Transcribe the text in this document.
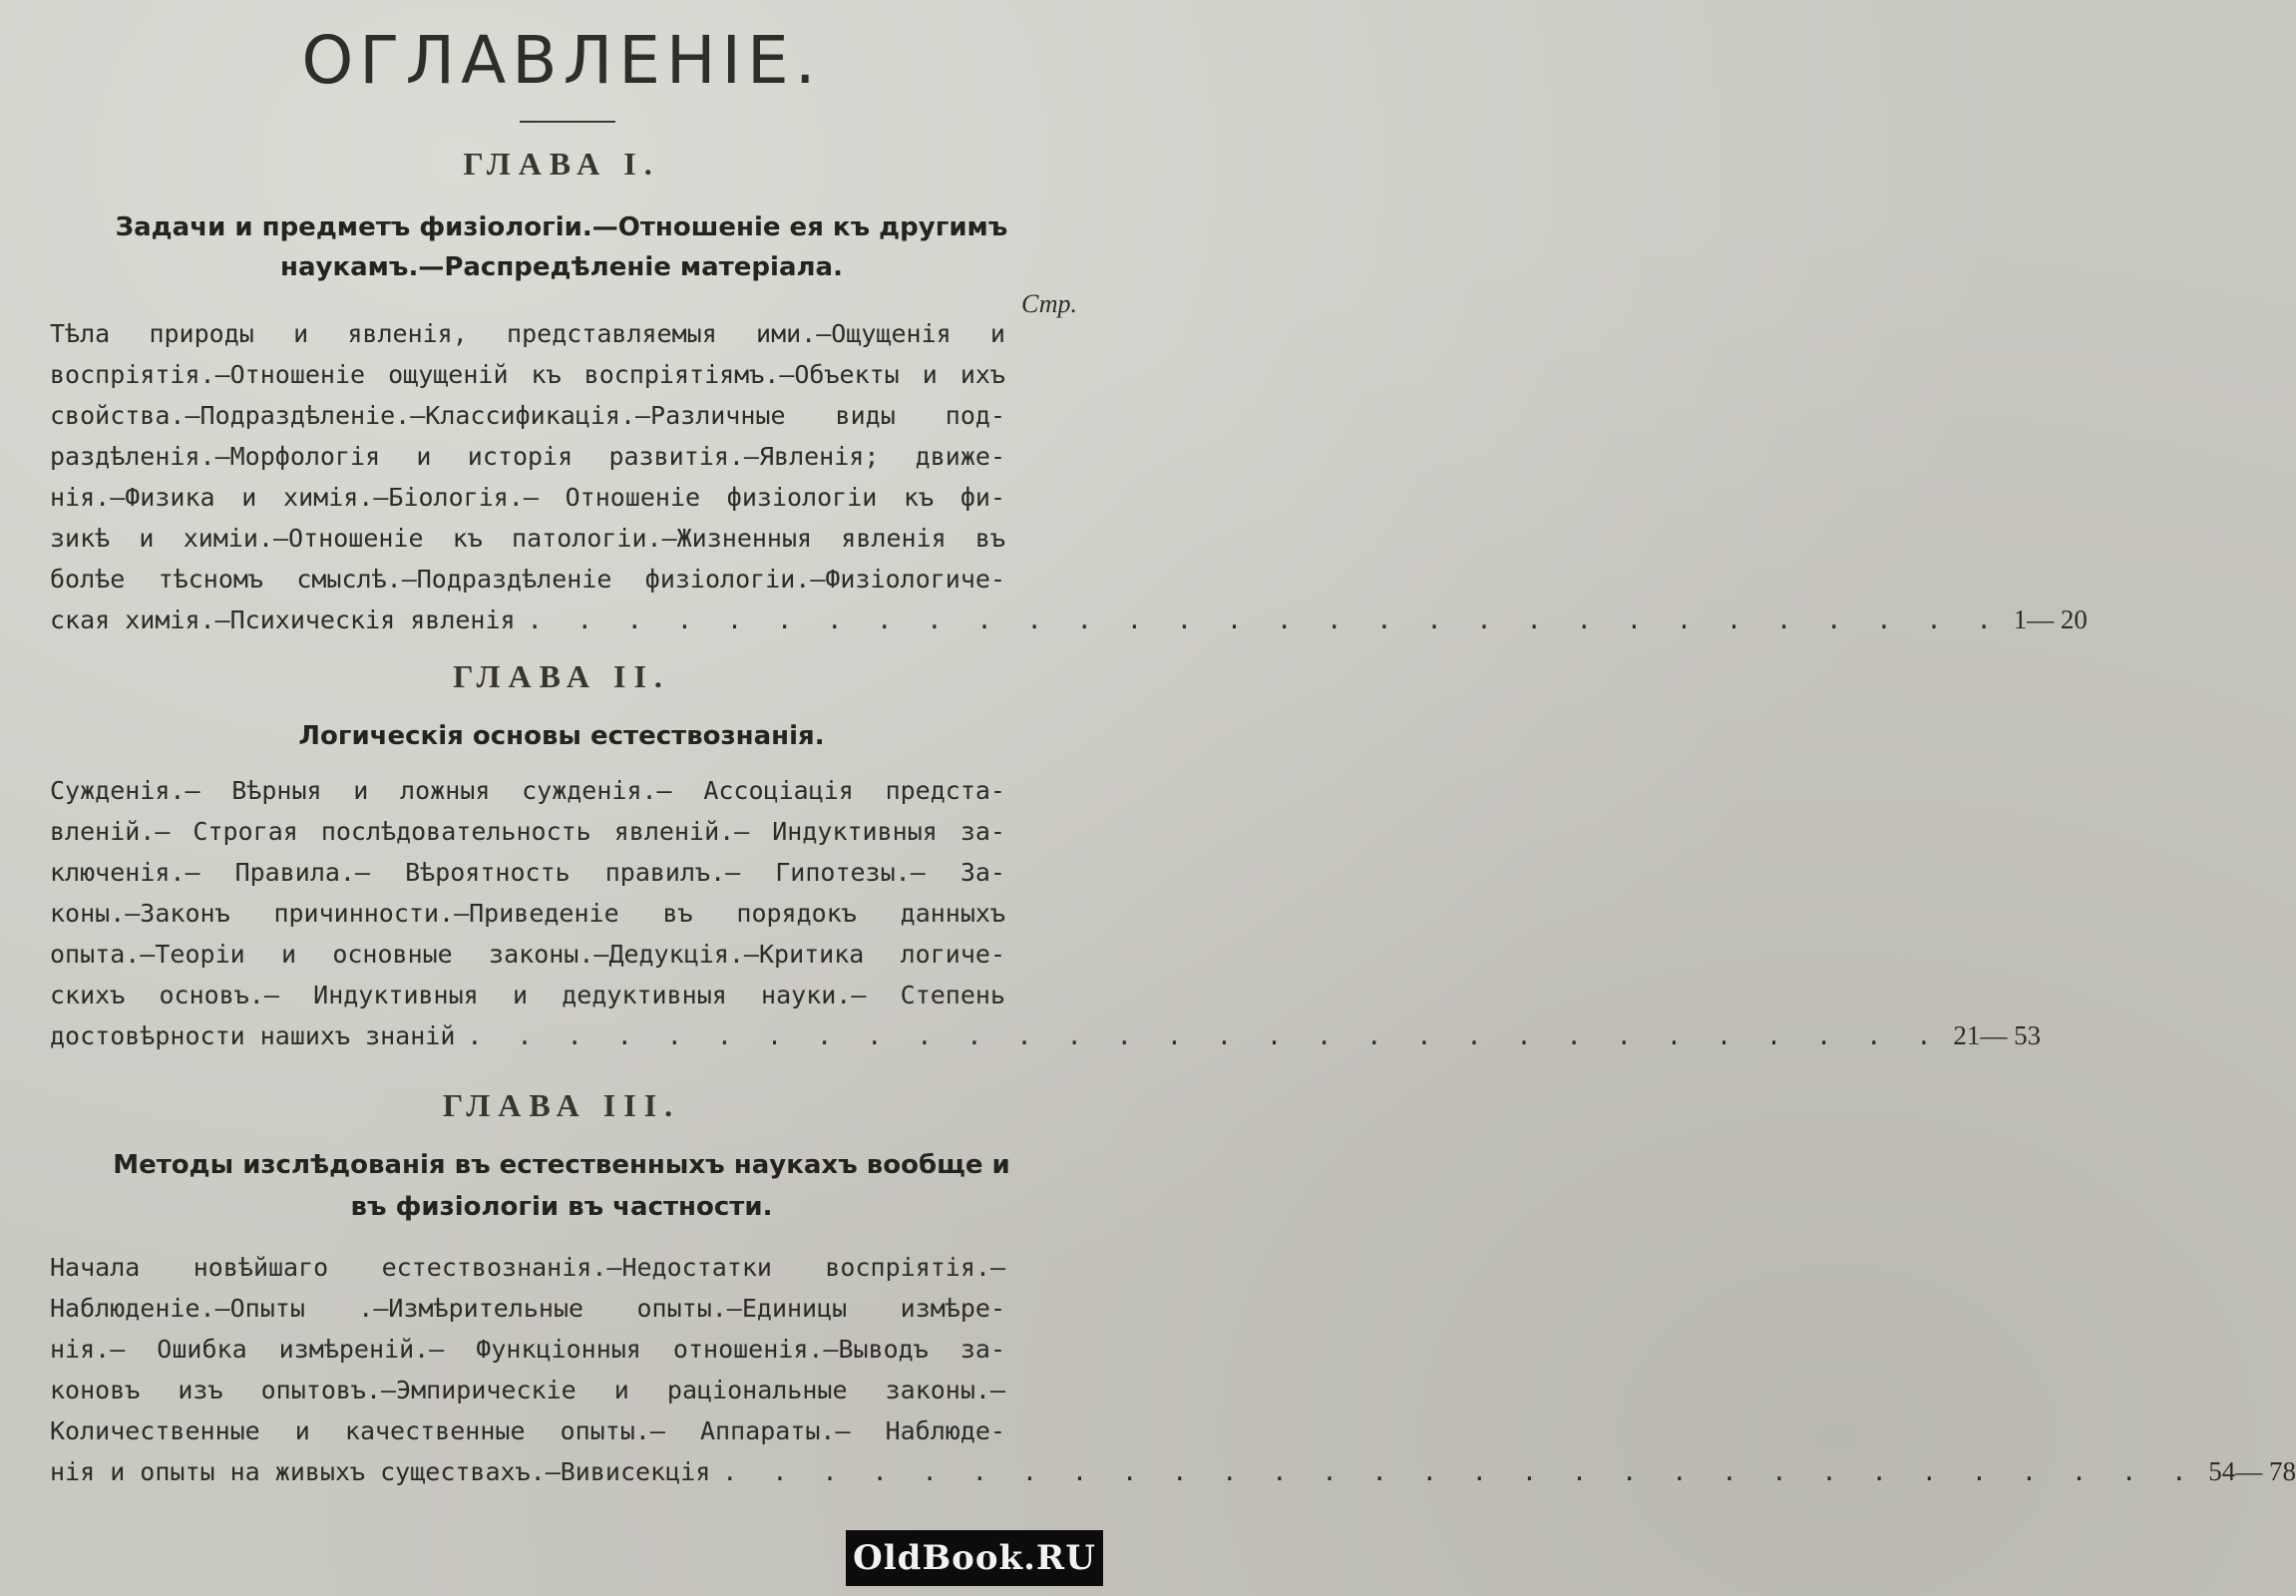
ОГЛАВЛЕНІЕ.
ГЛАВА I.
Задачи и предметъ физіологіи.—Отношеніе ея къ другимъ
наукамъ.—Распредѣленіе матеріала.
Стр.
Тѣла природы и явленія, представляемыя ими.—Ощущенія и
воспріятія.—Отношеніе ощущеній къ воспріятіямъ.—Объекты и ихъ
свойства.—Подраздѣленіе.—Классификація.—Различные виды под-
раздѣленія.—Морфологія и исторія развитія.—Явленія; движе-
нія.—Физика и химія.—Біологія.— Отношеніе физіологіи къ фи-
зикѣ и химіи.—Отношеніе къ патологіи.—Жизненныя явленія въ
болѣе тѣсномъ смыслѣ.—Подраздѣленіе физіологіи.—Физіологиче-
ская химія.—Психическія явленія . . . . . . . . . . . . . . . . . . . . . . . . . . . . . . 1— 20
ГЛАВА II.
Логическія основы естествознанія.
Сужденія.— Вѣрныя и ложныя сужденія.— Ассоціація предста-
вленій.— Строгая послѣдовательность явленій.— Индуктивныя за-
ключенія.— Правила.— Вѣроятность правилъ.— Гипотезы.— За-
коны.—Законъ причинности.—Приведеніе въ порядокъ данныхъ
опыта.—Теоріи и основные законы.—Дедукція.—Критика логиче-
скихъ основъ.— Индуктивныя и дедуктивныя науки.— Степень
достовѣрности нашихъ знаній . . . . . . . . . . . . . . . . . . . . . . . . . . . . . . 21— 53
ГЛАВА III.
Методы изслѣдованія въ естественныхъ наукахъ вообще и
въ физіологіи въ частности.
Начала новѣйшаго естествознанія.—Недостатки воспріятія.—
Наблюденіе.—Опыты .—Измѣрительные опыты.—Единицы измѣре-
нія.— Ошибка измѣреній.— Функціонныя отношенія.—Выводъ за-
коновъ изъ опытовъ.—Эмпирическіе и раціональные законы.—
Количественные и качественные опыты.— Аппараты.— Наблюде-
нія и опыты на живыхъ существахъ.—Вивисекція . . . . . . . . . . . . . . . . . . . . . . . . . . . . . . 54— 78
OldBook.RU
